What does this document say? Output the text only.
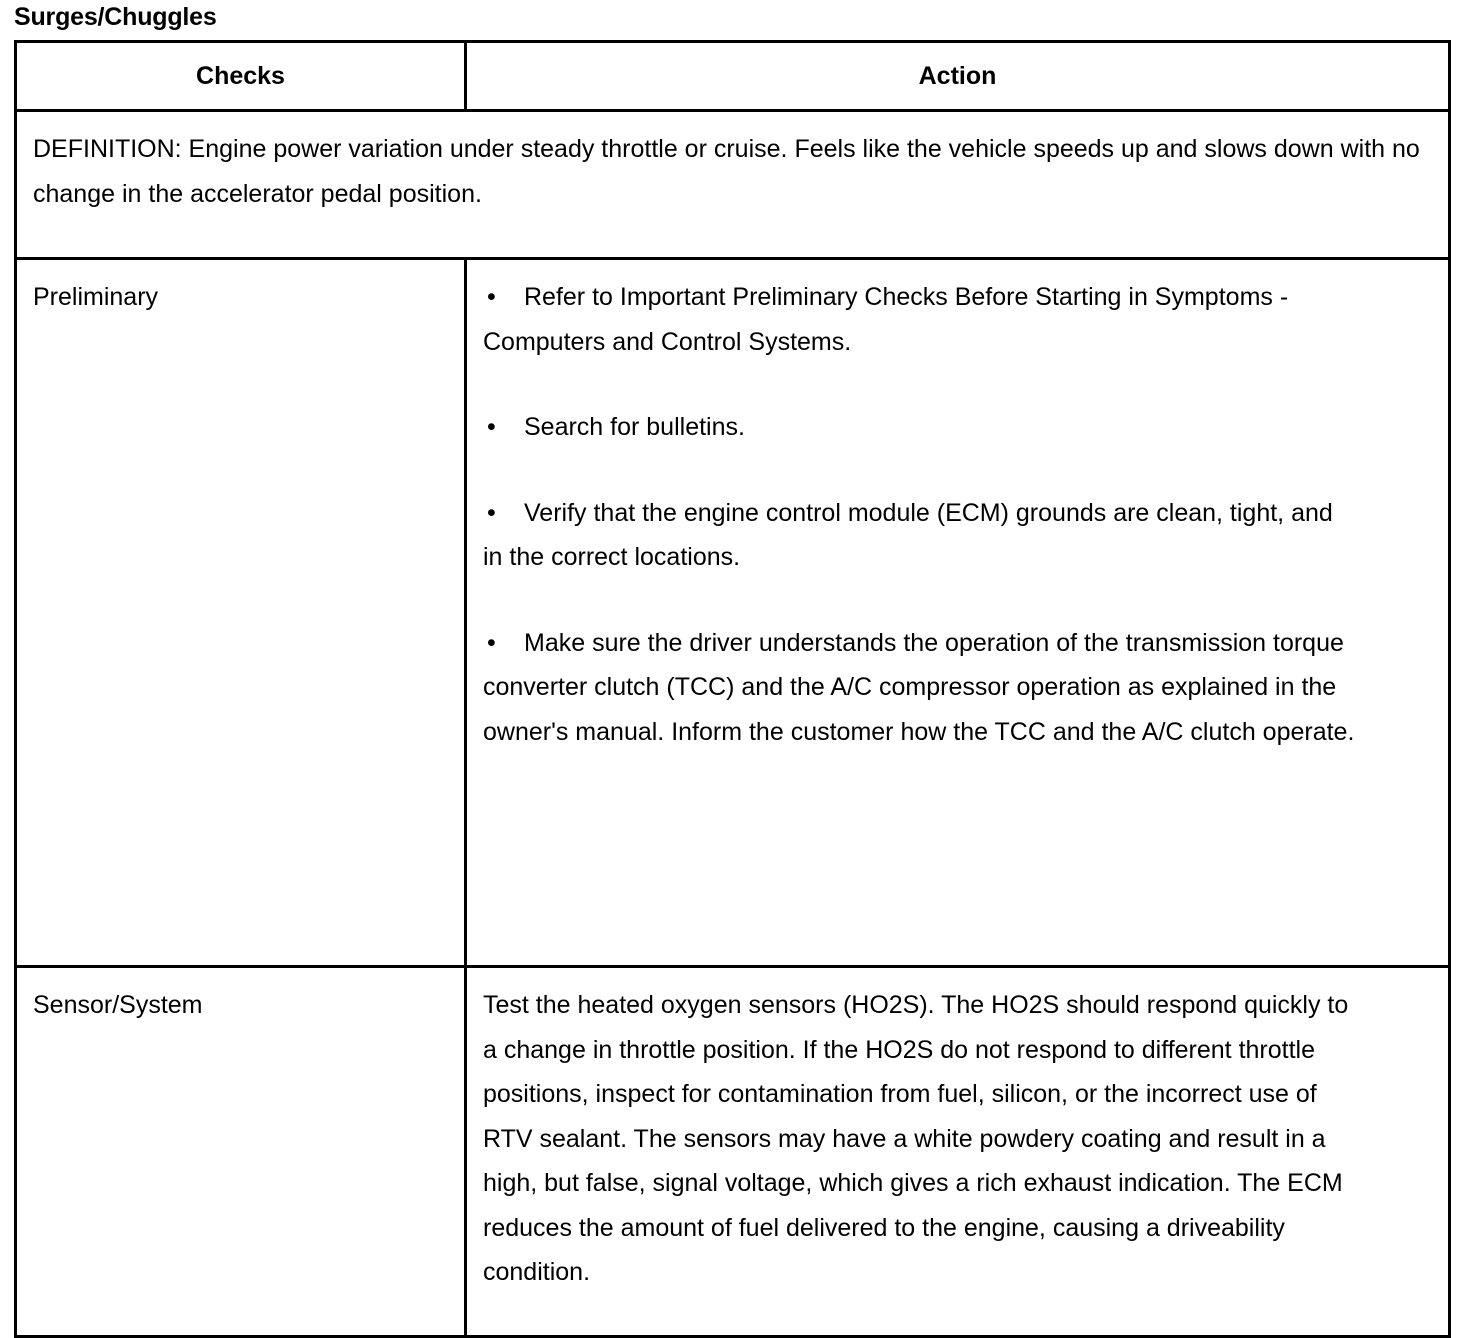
Surges/Chuggles
Checks	Action
DEFINITION: Engine power variation under steady throttle or cruise. Feels like the vehicle speeds up and slows down with no change in the accelerator pedal position.	
Preliminary	• Refer to Important Preliminary Checks Before Starting in Symptoms - Computers and Control Systems.
• Search for bulletins.
• Verify that the engine control module (ECM) grounds are clean, tight, and in the correct locations.
• Make sure the driver understands the operation of the transmission torque converter clutch (TCC) and the A/C compressor operation as explained in the owner's manual. Inform the customer how the TCC and the A/C clutch operate.

Sensor/System	Test the heated oxygen sensors (HO2S). The HO2S should respond quickly to a change in throttle position. If the HO2S do not respond to different throttle positions, inspect for contamination from fuel, silicon, or the incorrect use of RTV sealant. The sensors may have a white powdery coating and result in a high, but false, signal voltage, which gives a rich exhaust indication. The ECM reduces the amount of fuel delivered to the engine, causing a driveability condition.
